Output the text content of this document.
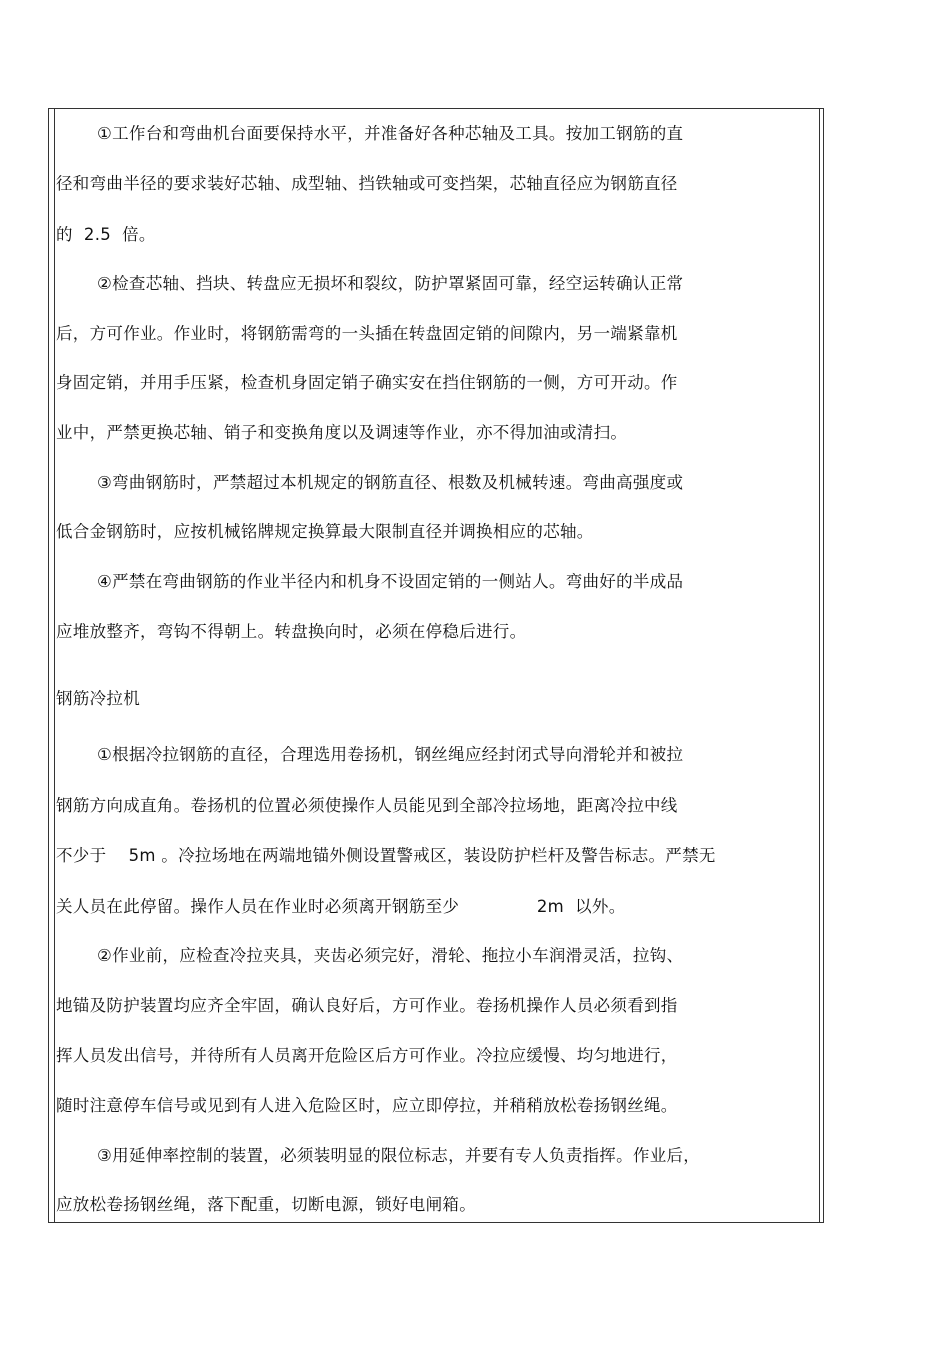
①工作台和弯曲机台面要保持水平，并准备好各种芯轴及工具。按加工钢筋的直
径和弯曲半径的要求装好芯轴、成型轴、挡铁轴或可变挡架，芯轴直径应为钢筋直径
的  2.5  倍。
②检查芯轴、挡块、转盘应无损坏和裂纹，防护罩紧固可靠，经空运转确认正常
后，方可作业。作业时，将钢筋需弯的一头插在转盘固定销的间隙内，另一端紧靠机
身固定销，并用手压紧，检查机身固定销子确实安在挡住钢筋的一侧，方可开动。作
业中，严禁更换芯轴、销子和变换角度以及调速等作业，亦不得加油或清扫。
③弯曲钢筋时，严禁超过本机规定的钢筋直径、根数及机械转速。弯曲高强度或
低合金钢筋时，应按机械铭牌规定换算最大限制直径并调换相应的芯轴。
④严禁在弯曲钢筋的作业半径内和机身不设固定销的一侧站人。弯曲好的半成品
应堆放整齐，弯钩不得朝上。转盘换向时，必须在停稳后进行。
钢筋冷拉机
①根据冷拉钢筋的直径，合理选用卷扬机，钢丝绳应经封闭式导向滑轮并和被拉
钢筋方向成直角。卷扬机的位置必须使操作人员能见到全部冷拉场地，距离冷拉中线
不少于    5m 。冷拉场地在两端地锚外侧设置警戒区，装设防护栏杆及警告标志。严禁无
关人员在此停留。操作人员在作业时必须离开钢筋至少              2m  以外。
②作业前，应检查冷拉夹具，夹齿必须完好，滑轮、拖拉小车润滑灵活，拉钩、
地锚及防护装置均应齐全牢固，确认良好后，方可作业。卷扬机操作人员必须看到指
挥人员发出信号，并待所有人员离开危险区后方可作业。冷拉应缓慢、均匀地进行，
随时注意停车信号或见到有人进入危险区时，应立即停拉，并稍稍放松卷扬钢丝绳。
③用延伸率控制的装置，必须装明显的限位标志，并要有专人负责指挥。作业后，
应放松卷扬钢丝绳，落下配重，切断电源，锁好电闸箱。
